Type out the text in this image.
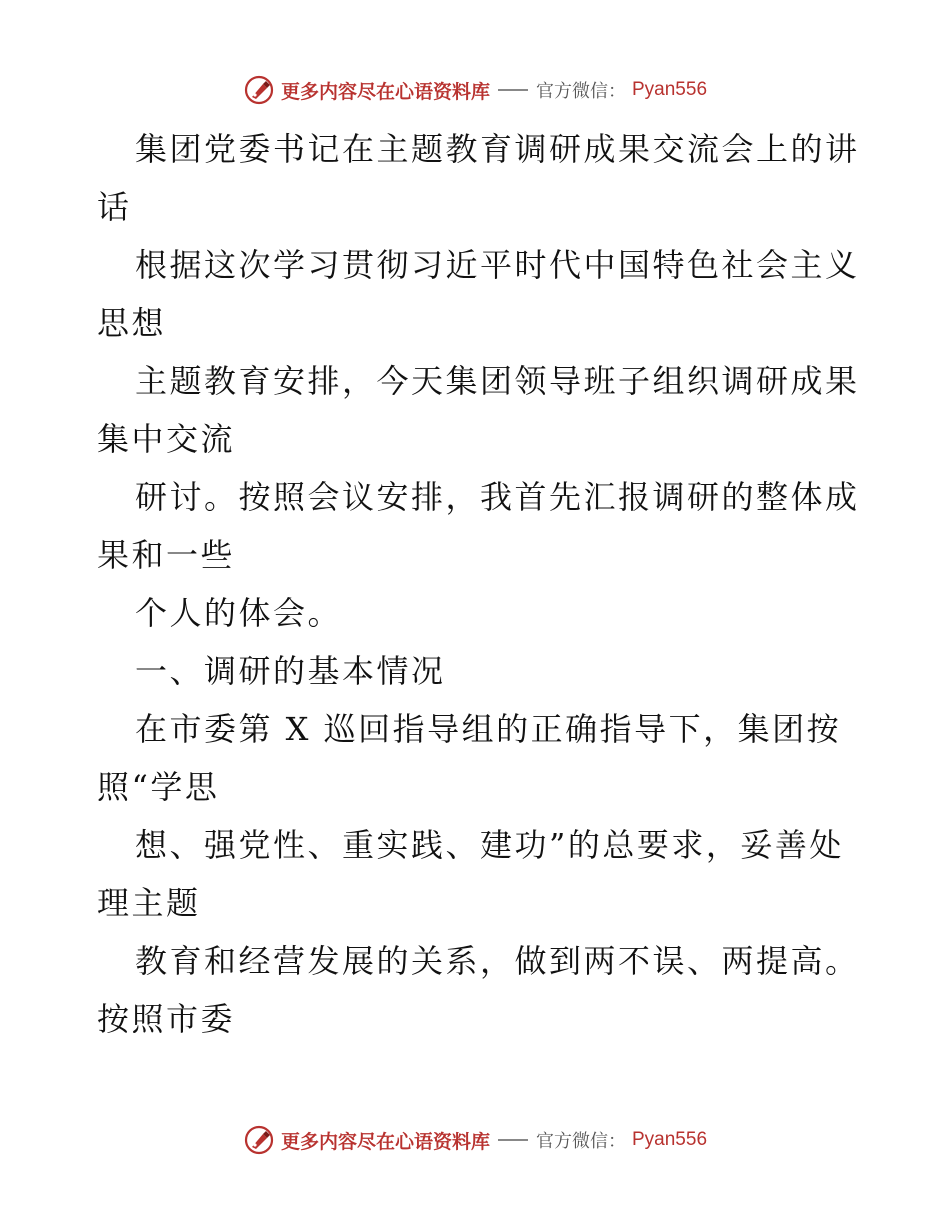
更多内容尽在心语资料库	官方微信： Pyan556
集团党委书记在主题教育调研成果交流会上的讲
话
根据这次学习贯彻习近平时代中国特色社会主义
思想
主题教育安排，今天集团领导班子组织调研成果
集中交流
研讨。按照会议安排，我首先汇报调研的整体成
果和一些
个人的体会。
一、调研的基本情况
在市委第 X 巡回指导组的正确指导下，集团按
照“学思
想、强党性、重实践、建功”的总要求，妥善处
理主题
教育和经营发展的关系，做到两不误、两提高。
按照市委
更多内容尽在心语资料库	官方微信： Pyan556
